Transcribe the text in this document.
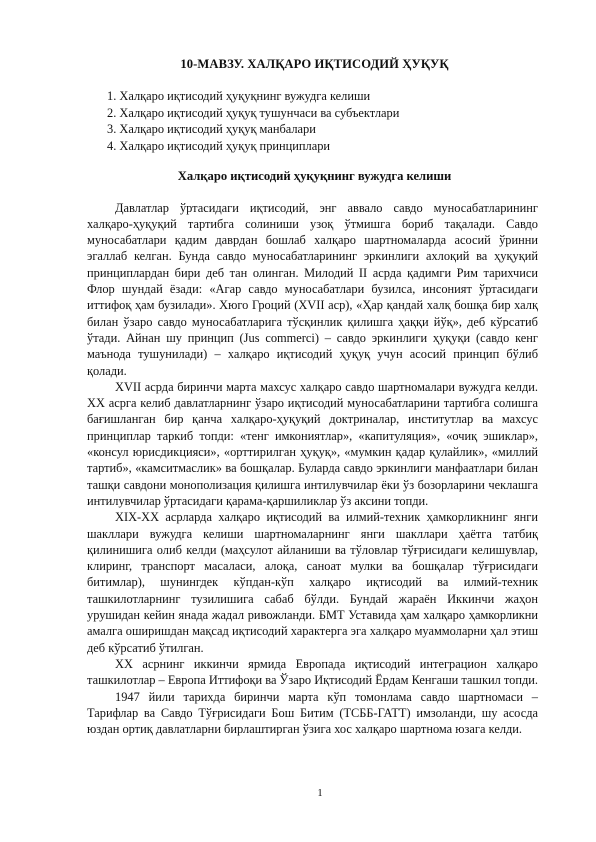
10-МАВЗУ. ХАЛҚАРО ИҚТИСОДИЙ ҲУҚУҚ
1. Халқаро иқтисодий ҳуқуқнинг вужудга келиши
2. Халқаро иқтисодий ҳуқуқ тушунчаси ва субъектлари
3. Халқаро иқтисодий ҳуқуқ манбалари
4. Халқаро иқтисодий ҳуқуқ принциплари
Халқаро иқтисодий ҳуқуқнинг вужудга келиши

Давлатлар ўртасидаги иқтисодий, энг аввало савдо муносабатларининг халқаро-ҳуқуқий тартибга солиниши узоқ ўтмишга бориб тақалади. Савдо муносабатлари қадим даврдан бошлаб халқаро шартномаларда асосий ўринни эгаллаб келган. Бунда савдо муносабатларининг эркинлиги ахлоқий ва ҳуқуқий принциплардан бири деб тан олинган. Милодий II асрда қадимги Рим тарихчиси Флор шундай ёзади: «Агар савдо муносабатлари бузилса, инсоният ўртасидаги иттифоқ ҳам бузилади». Хюго Гроций (XVII аср), «Ҳар қандай халқ бошқа бир халқ билан ўзаро савдо муносабатларига тўсқинлик қилишга ҳаққи йўқ», деб кўрсатиб ўтади. Айнан шу принцип (Jus commerci) – савдо эркинлиги ҳуқуқи (савдо кенг маънода тушунилади) – халқаро иқтисодий ҳуқуқ учун асосий принцип бўлиб қолади.

XVII асрда биринчи марта махсус халқаро савдо шартномалари вужудга келди. XX асрга келиб давлатларнинг ўзаро иқтисодий муносабатларини тартибга солишга бағишланган бир қанча халқаро-ҳуқуқий доктриналар, институтлар ва махсус принциплар таркиб топди: «тенг имкониятлар», «капитуляция», «очиқ эшиклар», «консул юрисдикцияси», «орттирилган ҳуқуқ», «мумкин қадар қулайлик», «миллий тартиб», «камситмаслик» ва бошқалар. Буларда савдо эркинлиги манфаатлари билан ташқи савдони монополизация қилишга интилувчилар ёки ўз бозорларини чеклашга интилувчилар ўртасидаги қарама-қаршиликлар ўз аксини топди.

XIX-XX асрларда халқаро иқтисодий ва илмий-техник ҳамкорликнинг янги шакллари вужудга келиши шартномаларнинг янги шакллари ҳаётга татбиқ қилинишига олиб келди (маҳсулот айланиши ва тўловлар тўғрисидаги келишувлар, клиринг, транспорт масаласи, алоқа, саноат мулки ва бошқалар тўғрисидаги битимлар), шунингдек кўпдан-кўп халқаро иқтисодий ва илмий-техник ташкилотларнинг тузилишига сабаб бўлди. Бундай жараён Иккинчи жаҳон урушидан кейин янада жадал ривожланди. БМТ Уставида ҳам халқаро ҳамкорликни амалга оширишдан мақсад иқтисодий характерга эга халқаро муаммоларни ҳал этиш деб кўрсатиб ўтилган.

XX асрнинг иккинчи ярмида Европада иқтисодий интеграцион халқаро ташкилотлар – Европа Иттифоқи ва Ўзаро Иқтисодий Ёрдам Кенгаши ташкил топди.

1947 йили тарихда биринчи марта кўп томонлама савдо шартномаси – Тарифлар ва Савдо Тўғрисидаги Бош Битим (ТСББ-ГАТТ) имзоланди, шу асосда юздан ортиқ давлатларни бирлаштирган ўзига хос халқаро шартнома юзага келди.

1
